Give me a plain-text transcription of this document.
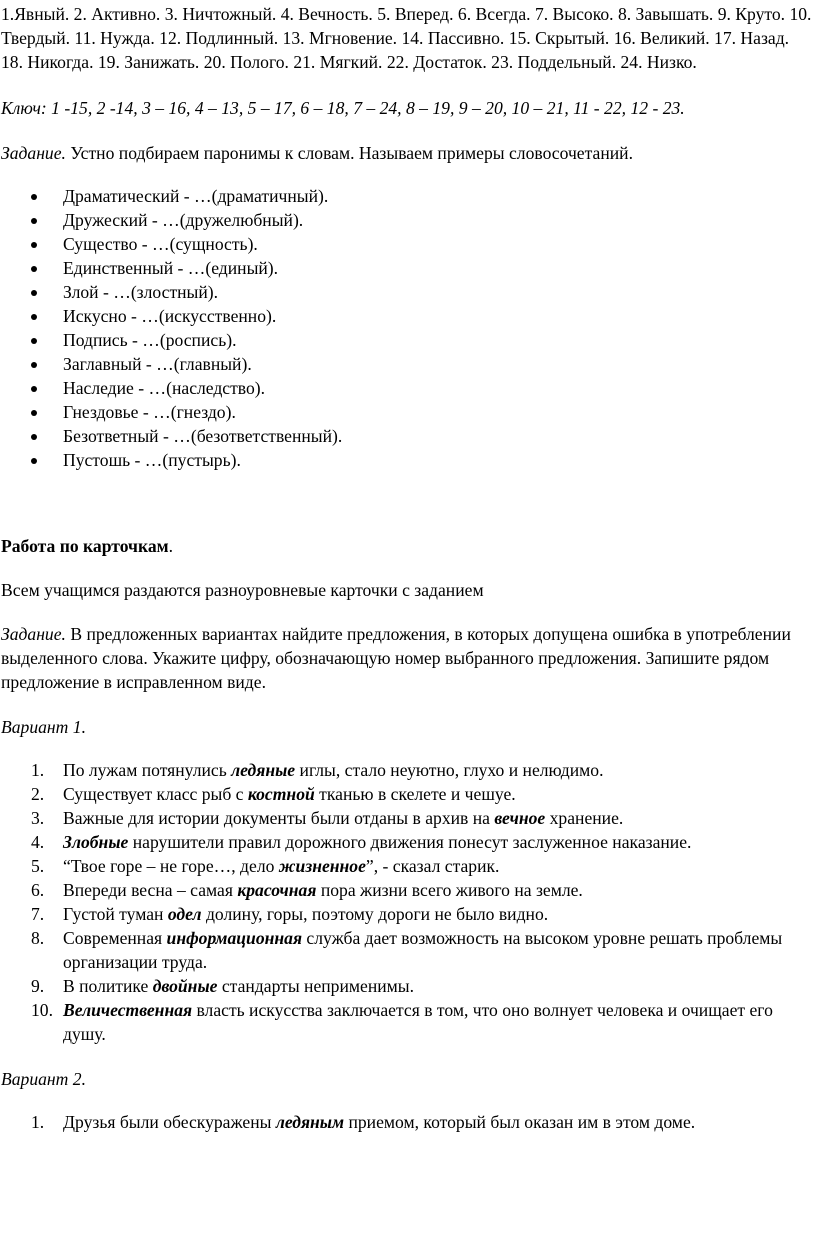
1.Явный. 2. Активно. 3. Ничтожный. 4. Вечность. 5. Вперед. 6. Всегда. 7. Высоко. 8. Завышать. 9. Круто. 10. Твердый. 11. Нужда. 12. Подлинный. 13. Мгновение. 14. Пассивно. 15. Скрытый. 16. Великий. 17. Назад. 18. Никогда. 19. Занижать. 20. Полого. 21. Мягкий. 22. Достаток. 23. Поддельный. 24. Низко.

Ключ: 1 -15, 2 -14, 3 – 16, 4 – 13, 5 – 17, 6 – 18, 7 – 24, 8 – 19, 9 – 20, 10 – 21, 11 - 22, 12 - 23.

Задание. Устно подбираем паронимы к словам. Называем примеры словосочетаний.

Драматический - …(драматичный).
Дружеский - …(дружелюбный).
Существо - …(сущность).
Единственный - …(единый).
Злой - …(злостный).
Искусно - …(искусственно).
Подпись - …(роспись).
Заглавный - …(главный).
Наследие - …(наследство).
Гнездовье - …(гнездо).
Безответный - …(безответственный).
Пустошь - …(пустырь).

Работа по карточкам.

Всем учащимся раздаются разноуровневые карточки с заданием

Задание. В предложенных вариантах найдите предложения, в которых допущена ошибка в употреблении выделенного слова. Укажите цифру, обозначающую номер выбранного предложения. Запишите рядом предложение в исправленном виде.

Вариант 1.

1. По лужам потянулись ледяные иглы, стало неуютно, глухо и нелюдимо.
2. Существует класс рыб с костной тканью в скелете и чешуе.
3. Важные для истории документы были отданы в архив на вечное хранение.
4. Злобные нарушители правил дорожного движения понесут заслуженное наказание.
5. “Твое горе – не горе…, дело жизненное”, - сказал старик.
6. Впереди весна – самая красочная пора жизни всего живого на земле.
7. Густой туман одел долину, горы, поэтому дороги не было видно.
8. Современная информационная служба дает возможность на высоком уровне решать проблемы организации труда.
9. В политике двойные стандарты неприменимы.
10. Величественная власть искусства заключается в том, что оно волнует человека и очищает его душу.

Вариант 2.

1. Друзья были обескуражены ледяным приемом, который был оказан им в этом доме.
